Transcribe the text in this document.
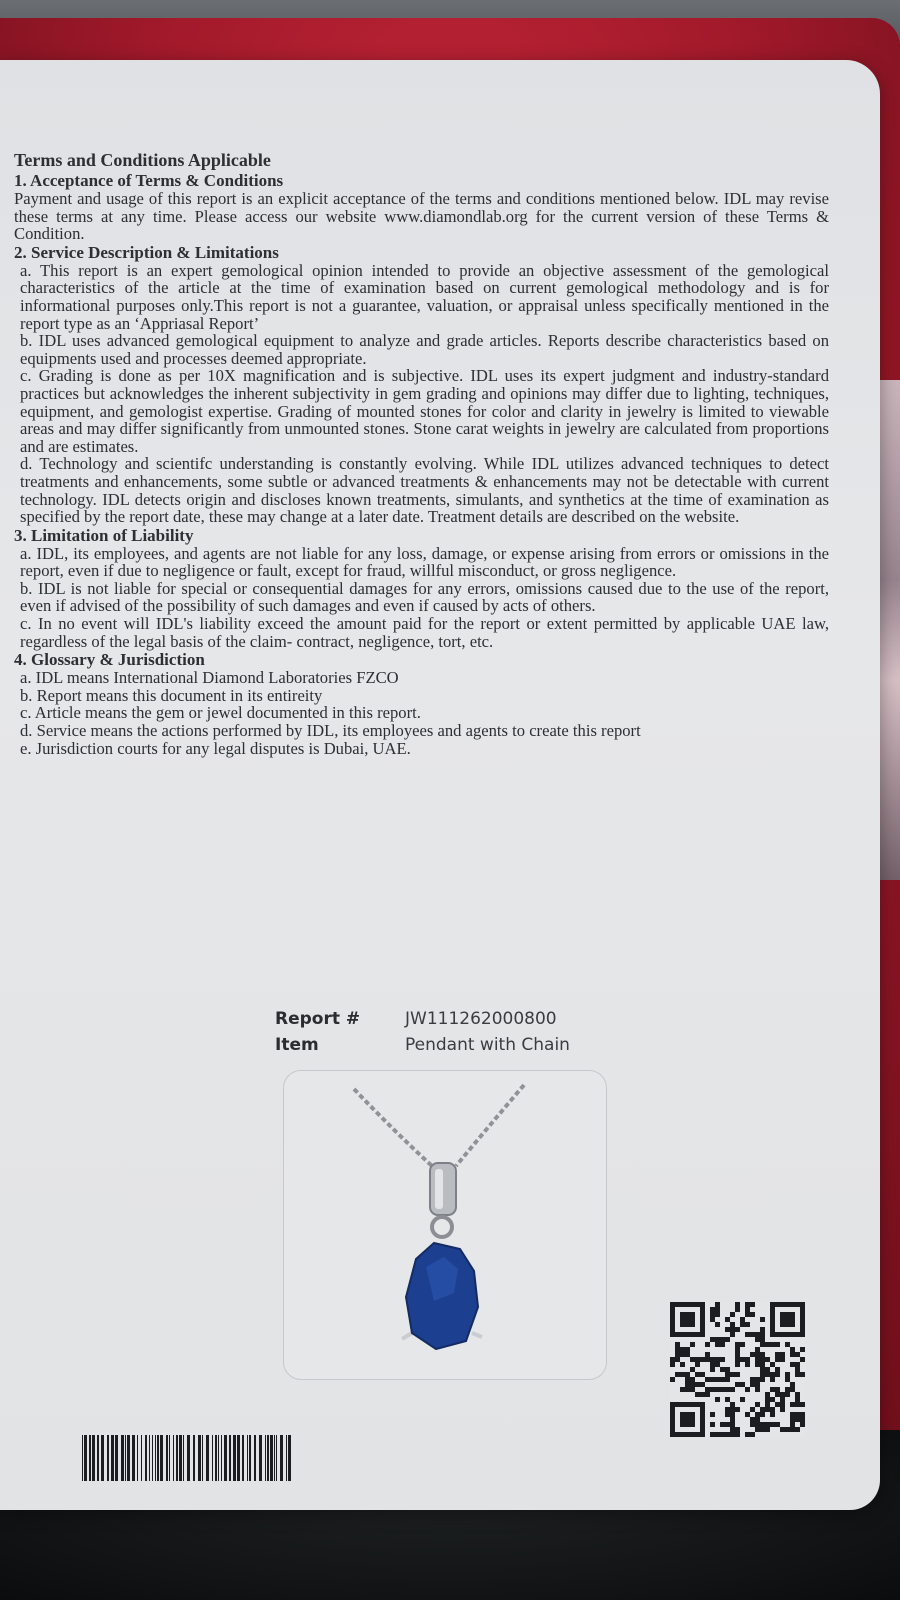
Terms and Conditions Applicable

1. Acceptance of Terms & Conditions

Payment and usage of this report is an explicit acceptance of the terms and conditions mentioned below. IDL may revise these terms at any time. Please access our website www.diamondlab.org for the current version of these Terms & Condition.

2. Service Description & Limitations

a. This report is an expert gemological opinion intended to provide an objective assessment of the gemological characteristics of the article at the time of examination based on current gemological methodology and is for informational purposes only.This report is not a guarantee, valuation, or appraisal unless specifically mentioned in the report type as an ‘Appriasal Report’

b. IDL uses advanced gemological equipment to analyze and grade articles. Reports describe characteristics based on equipments used and processes deemed appropriate.

c. Grading is done as per 10X magnification and is subjective. IDL uses its expert judgment and industry-standard practices but acknowledges the inherent subjectivity in gem grading and opinions may differ due to lighting, techniques, equipment, and gemologist expertise. Grading of mounted stones for color and clarity in jewelry is limited to viewable areas and may differ significantly from unmounted stones. Stone carat weights in jewelry are calculated from proportions and are estimates.

d. Technology and scientifc understanding is constantly evolving. While IDL utilizes advanced techniques to detect treatments and enhancements, some subtle or advanced treatments & enhancements may not be detectable with current technology. IDL detects origin and discloses known treatments, simulants, and synthetics at the time of examination as specified by the report date, these may change at a later date. Treatment details are described on the website.

3. Limitation of Liability

a. IDL, its employees, and agents are not liable for any loss, damage, or expense arising from errors or omissions in the report, even if due to negligence or fault, except for fraud, willful misconduct, or gross negligence.

b. IDL is not liable for special or consequential damages for any errors, omissions caused due to the use of the report, even if advised of the possibility of such damages and even if caused by acts of others.

c. In no event will IDL's liability exceed the amount paid for the report or extent permitted by applicable UAE law, regardless of the legal basis of the claim- contract, negligence, tort, etc.

4. Glossary & Jurisdiction

a. IDL means International Diamond Laboratories FZCO

b. Report means this document in its entireity

c. Article means the gem or jewel documented in this report.

d. Service means the actions performed by IDL, its employees and agents to create this report

e. Jurisdiction courts for any legal disputes is Dubai, UAE.

Report #	JW111262000800
Item	Pendant with Chain
